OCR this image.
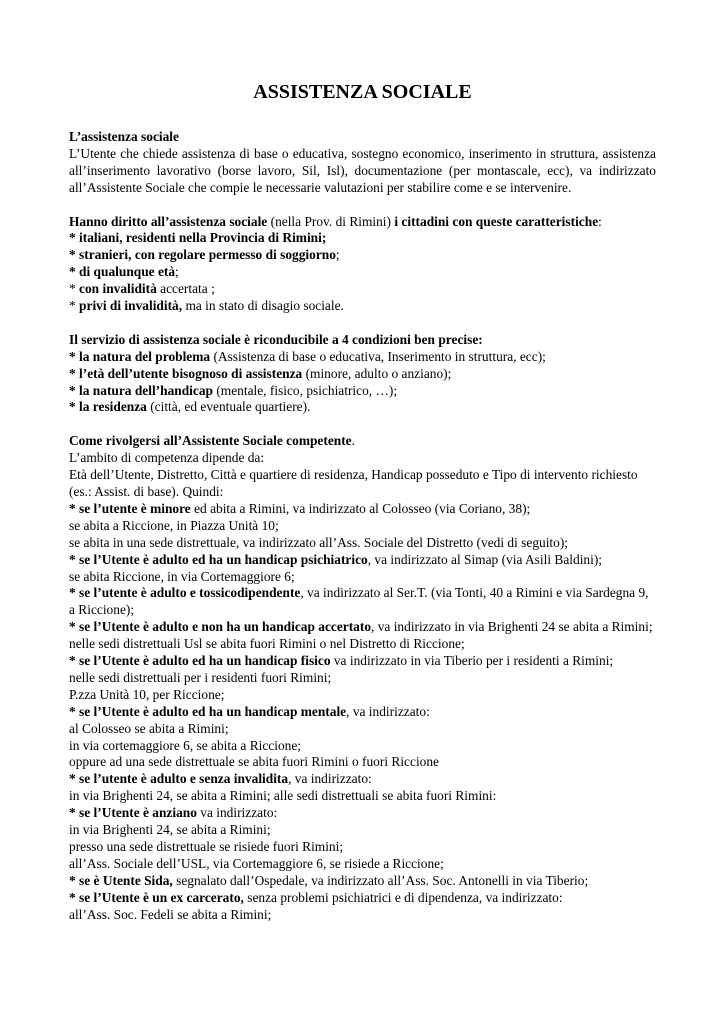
ASSISTENZA SOCIALE

L’assistenza sociale

L’Utente che chiede assistenza di base o educativa, sostegno economico, inserimento in struttura, assistenza all’inserimento lavorativo (borse lavoro, Sil, Isl), documentazione (per montascale, ecc), va indirizzato all’Assistente Sociale che compie le necessarie valutazioni per stabilire come e se intervenire.

Hanno diritto all’assistenza sociale (nella Prov. di Rimini) i cittadini con queste caratteristiche:

* italiani, residenti nella Provincia di Rimini;

* stranieri, con regolare permesso di soggiorno;

* di qualunque età;

* con invalidità accertata ;

* privi di invalidità, ma in stato di disagio sociale.

Il servizio di assistenza sociale è riconducibile a 4 condizioni ben precise:

* la natura del problema (Assistenza di base o educativa, Inserimento in struttura, ecc);

* l’età dell’utente bisognoso di assistenza (minore, adulto o anziano);

* la natura dell’handicap (mentale, fisico, psichiatrico, …);

* la residenza (città, ed eventuale quartiere).

Come rivolgersi all’Assistente Sociale competente.

L’ambito di competenza dipende da:

Età dell’Utente, Distretto, Città e quartiere di residenza, Handicap posseduto e Tipo di intervento richiesto (es.: Assist. di base). Quindi:

* se l’utente è minore ed abita a Rimini, va indirizzato al Colosseo (via Coriano, 38);

se abita a Riccione, in Piazza Unità 10;

se abita in una sede distrettuale, va indirizzato all’Ass. Sociale del Distretto (vedi di seguito);

* se l’Utente è adulto ed ha un handicap psichiatrico, va indirizzato al Simap (via Asili Baldini);

se abita Riccione, in via Cortemaggiore 6;

* se l’utente è adulto e tossicodipendente, va indirizzato al Ser.T. (via Tonti, 40 a Rimini e via Sardegna 9, a Riccione);

* se l’Utente è adulto e non ha un handicap accertato, va indirizzato in via Brighenti 24 se abita a Rimini; nelle sedi distrettuali Usl se abita fuori Rimini o nel Distretto di Riccione;

* se l’Utente è adulto ed ha un handicap fisico va indirizzato in via Tiberio per i residenti a Rimini;

nelle sedi distrettuali per i residenti fuori Rimini;

P.zza Unità 10, per Riccione;

* se l’Utente è adulto ed ha un handicap mentale, va indirizzato:

al Colosseo se abita a Rimini;

in via cortemaggiore 6, se abita a Riccione;

oppure ad una sede distrettuale se abita fuori Rimini o fuori Riccione

* se l’utente è adulto e senza invalidita, va indirizzato:

in via Brighenti 24, se abita a Rimini; alle sedi distrettuali se abita fuori Rimini:

* se l’Utente è anziano va indirizzato:

in via Brighenti 24, se abita a Rimini;

presso una sede distrettuale se risiede fuori Rimini;

all’Ass. Sociale dell’USL, via Cortemaggiore 6, se risiede a Riccione;

* se è Utente Sida, segnalato dall’Ospedale, va indirizzato all’Ass. Soc. Antonelli in via Tiberio;

* se l’Utente è un ex carcerato, senza problemi psichiatrici e di dipendenza, va indirizzato:

all’Ass. Soc. Fedeli se abita a Rimini;
